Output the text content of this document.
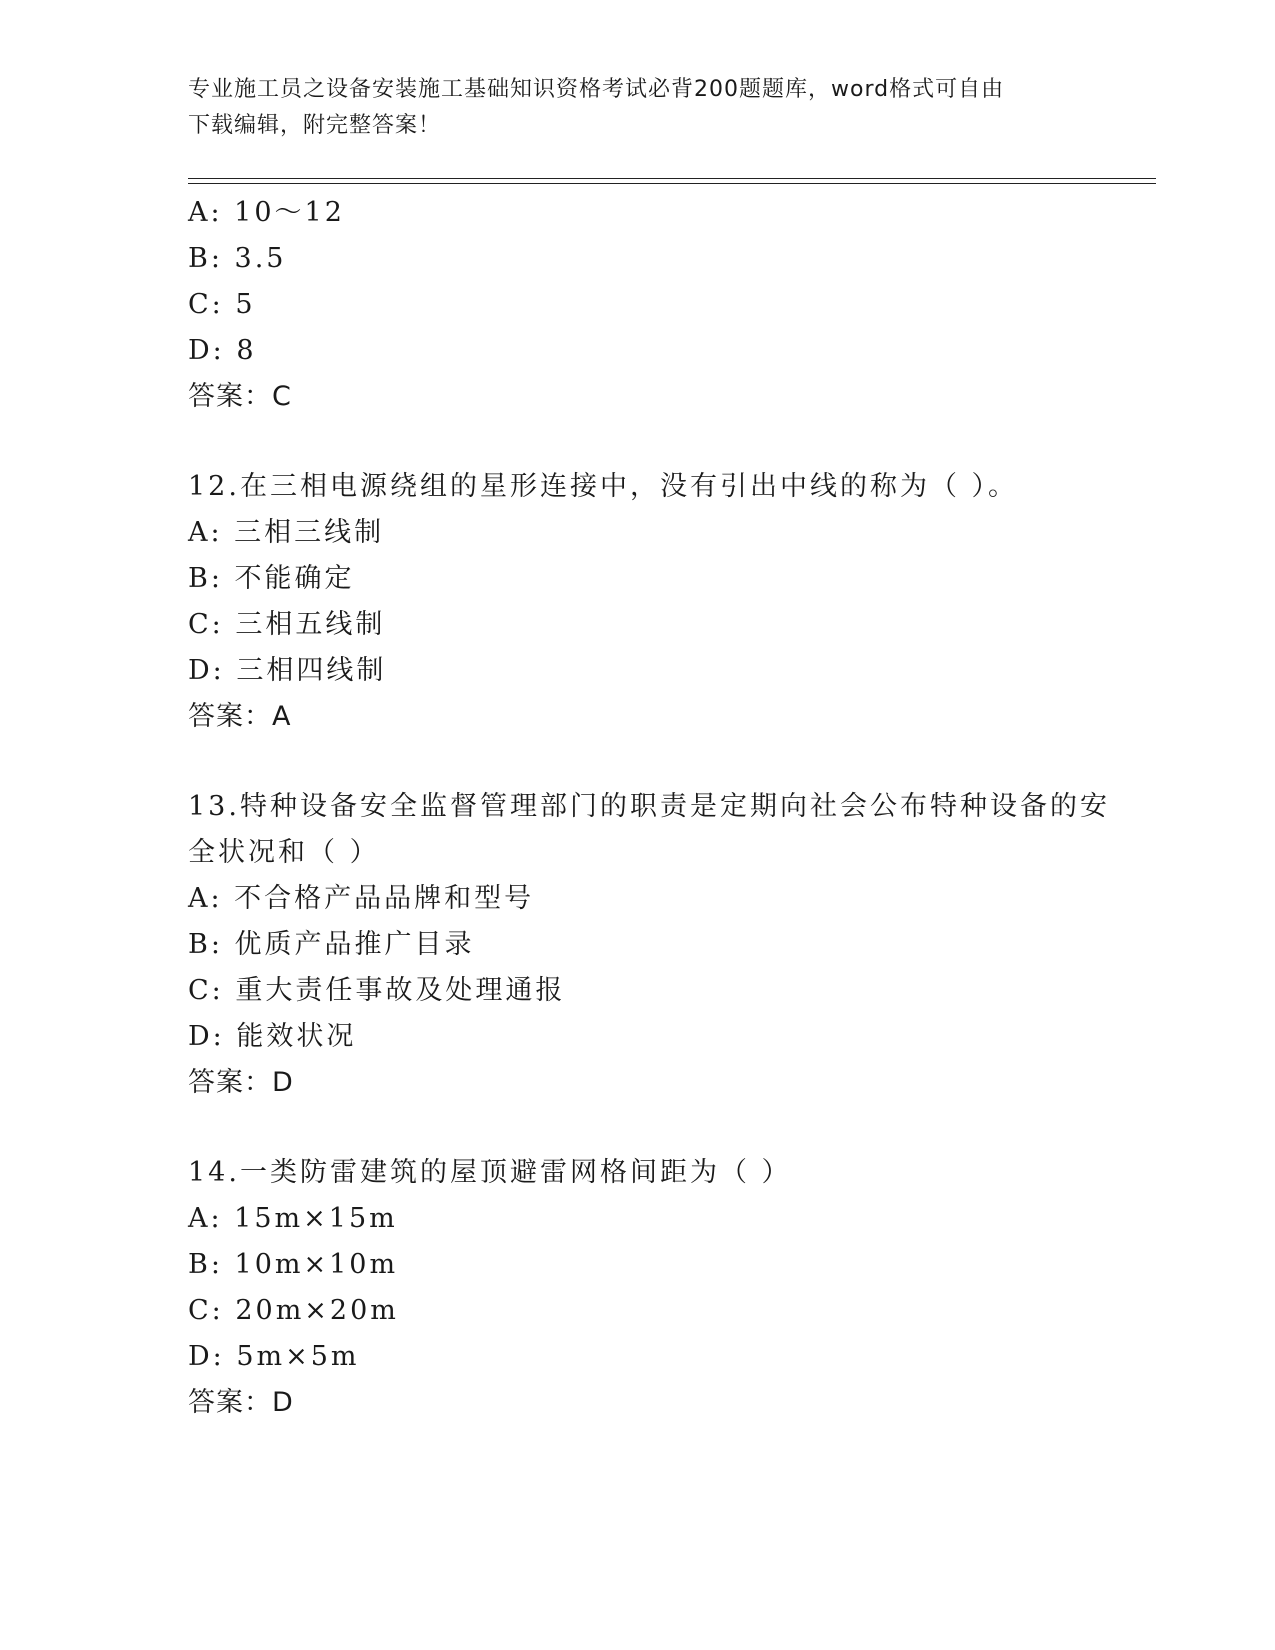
专业施工员之设备安装施工基础知识资格考试必背200题题库，word格式可自由
下载编辑，附完整答案！
A: 10～12
B: 3.5
C: 5
D: 8
答案：C
12.在三相电源绕组的星形连接中，没有引出中线的称为（ ）。
A: 三相三线制
B: 不能确定
C: 三相五线制
D: 三相四线制
答案：A
13.特种设备安全监督管理部门的职责是定期向社会公布特种设备的安
全状况和（ ）
A: 不合格产品品牌和型号
B: 优质产品推广目录
C: 重大责任事故及处理通报
D: 能效状况
答案：D
14.一类防雷建筑的屋顶避雷网格间距为（ ）
A: 15m×15m
B: 10m×10m
C: 20m×20m
D: 5m×5m
答案：D
